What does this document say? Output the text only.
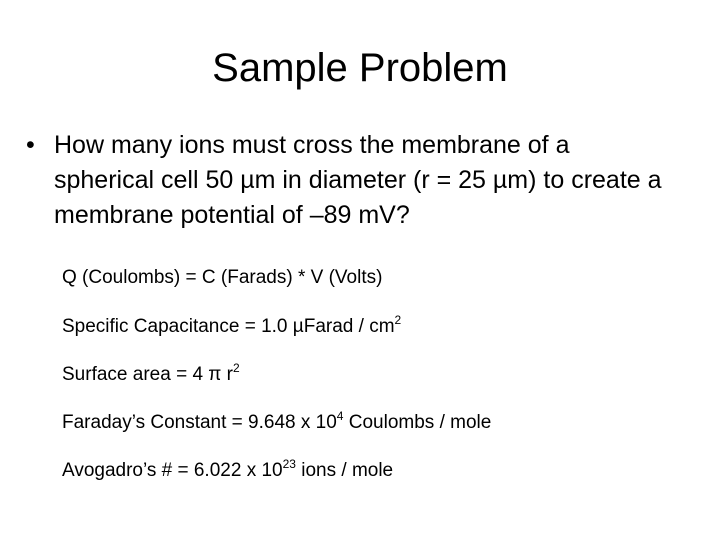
Sample Problem
• How many ions must cross the membrane of a spherical cell 50 µm in diameter (r = 25 µm) to create a membrane potential of –89 mV?
Q (Coulombs) = C (Farads) * V (Volts)
Specific Capacitance = 1.0 µFarad / $cm^2$
Surface area = 4 π $r^2$
Faraday’s Constant = 9.648 x $10^4$ Coulombs / mole
Avogadro’s # = 6.022 x $10^{23}$ ions / mole
